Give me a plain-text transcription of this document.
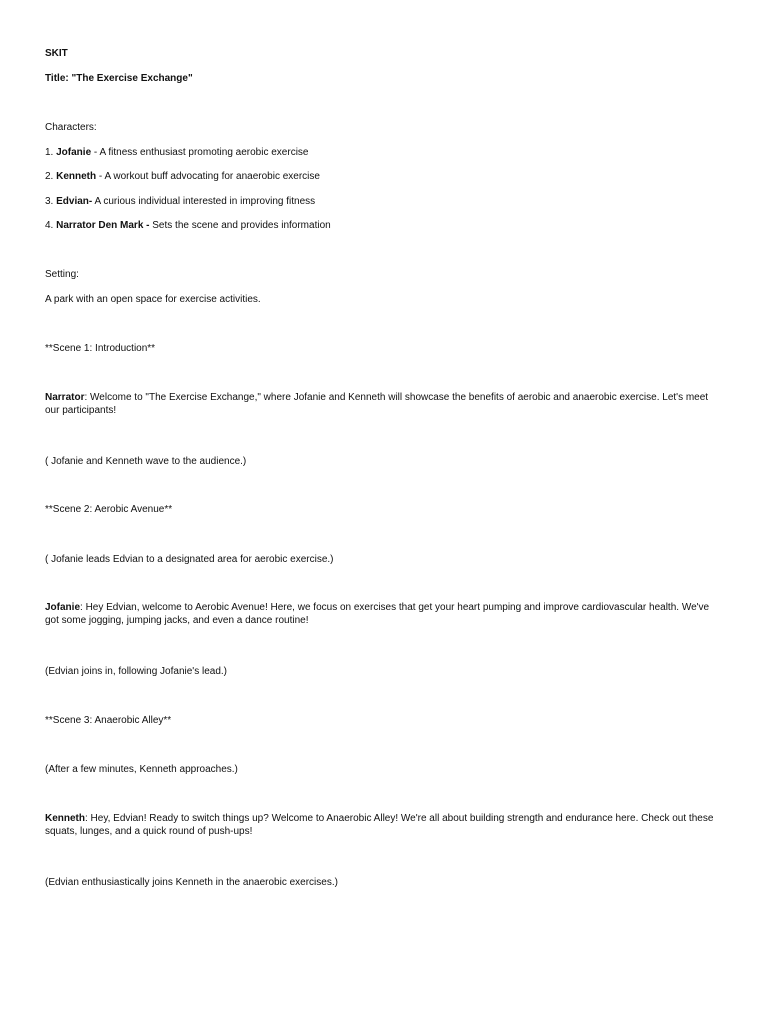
SKIT
Title: "The Exercise Exchange"
Characters:
1. Jofanie - A fitness enthusiast promoting aerobic exercise
2. Kenneth - A workout buff advocating for anaerobic exercise
3. Edvian- A curious individual interested in improving fitness
4. Narrator Den Mark - Sets the scene and provides information
Setting:
A park with an open space for exercise activities.
**Scene 1: Introduction**
Narrator: Welcome to "The Exercise Exchange," where Jofanie and Kenneth will showcase the benefits of aerobic and anaerobic exercise. Let's meet our participants!
( Jofanie and Kenneth wave to the audience.)
**Scene 2: Aerobic Avenue**
( Jofanie leads Edvian to a designated area for aerobic exercise.)
Jofanie: Hey Edvian, welcome to Aerobic Avenue! Here, we focus on exercises that get your heart pumping and improve cardiovascular health. We've got some jogging, jumping jacks, and even a dance routine!
(Edvian joins in, following Jofanie's lead.)
**Scene 3: Anaerobic Alley**
(After a few minutes, Kenneth approaches.)
Kenneth: Hey, Edvian! Ready to switch things up? Welcome to Anaerobic Alley! We're all about building strength and endurance here. Check out these squats, lunges, and a quick round of push-ups!
(Edvian enthusiastically joins Kenneth in the anaerobic exercises.)
